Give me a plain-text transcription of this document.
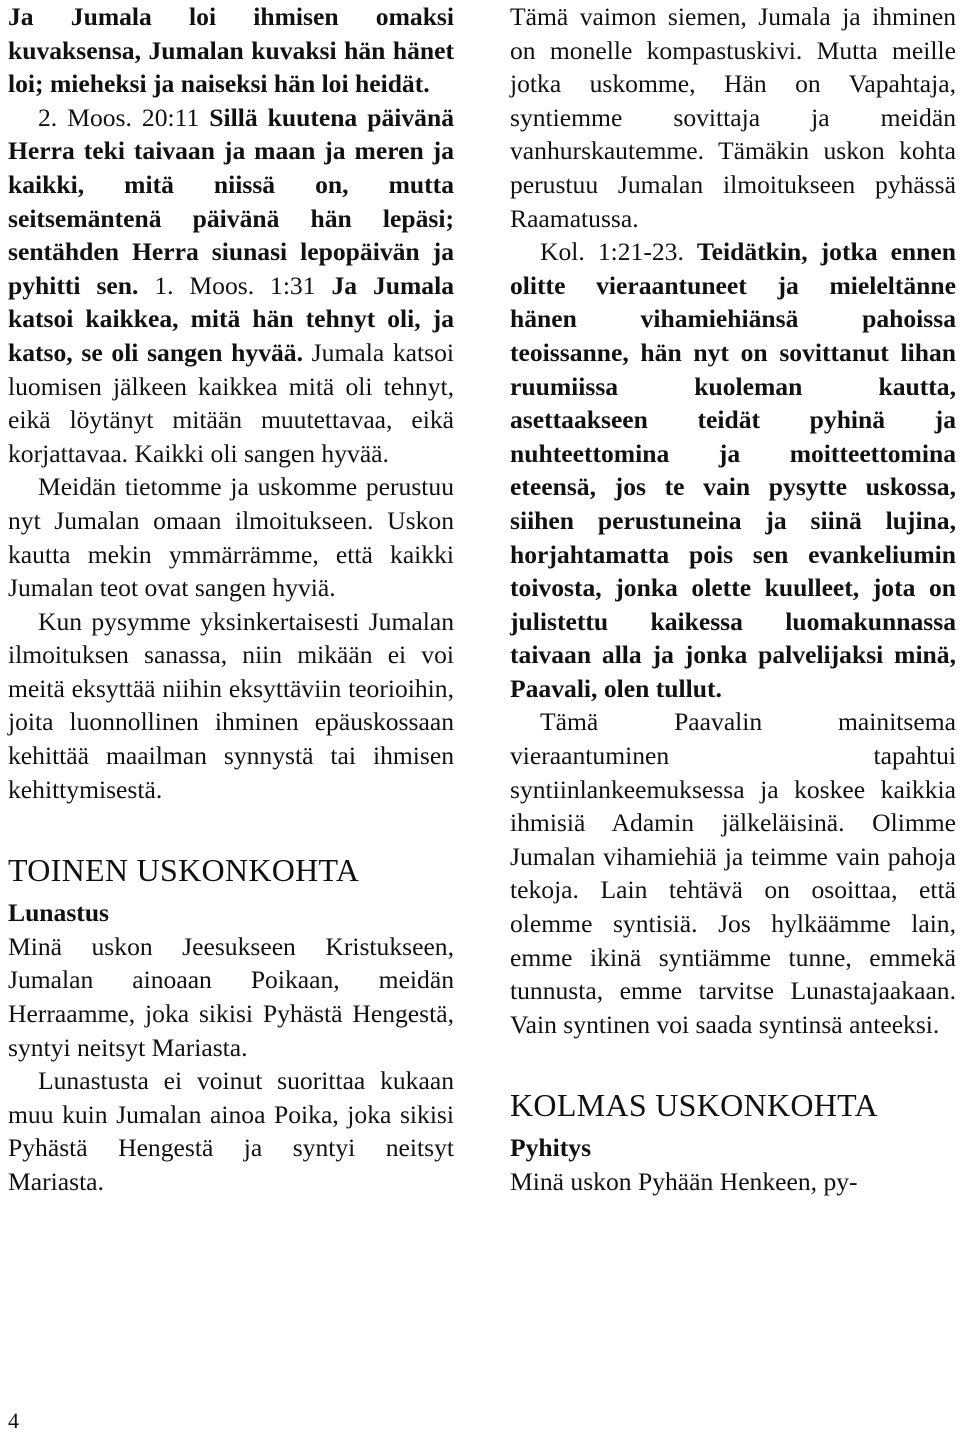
Ja Jumala loi ihmisen omaksi kuvaksensa, Jumalan kuvaksi hän hänet loi; mieheksi ja naiseksi hän loi heidät.

2. Moos. 20:11 Sillä kuutena päivänä Herra teki taivaan ja maan ja meren ja kaikki, mitä niissä on, mutta seitsemäntenä päivänä hän lepäsi; sentähden Herra siunasi lepopäivän ja pyhitti sen. 1. Moos. 1:31 Ja Jumala katsoi kaikkea, mitä hän tehnyt oli, ja katso, se oli sangen hyvää. Jumala katsoi luomisen jälkeen kaikkea mitä oli tehnyt, eikä löytänyt mitään muutettavaa, eikä korjattavaa. Kaikki oli sangen hyvää.

Meidän tietomme ja uskomme perustuu nyt Jumalan omaan ilmoitukseen. Uskon kautta mekin ymmärrämme, että kaikki Jumalan teot ovat sangen hyviä.

Kun pysymme yksinkertaisesti Jumalan ilmoituksen sanassa, niin mikään ei voi meitä eksyttää niihin eksyttäviin teorioihin, joita luonnollinen ihminen epäuskossaan kehittää maailman synnystä tai ihmisen kehittymisestä.

TOINEN USKONKOHTA
Lunastus

Minä uskon Jeesukseen Kristukseen, Jumalan ainoaan Poikaan, meidän Herraamme, joka sikisi Pyhästä Hengestä, syntyi neitsyt Mariasta.

Lunastusta ei voinut suorittaa kukaan muu kuin Jumalan ainoa Poika, joka sikisi Pyhästä Hengestä ja syntyi neitsyt Mariasta.

Tämä vaimon siemen, Jumala ja ihminen on monelle kompastuskivi. Mutta meille jotka uskomme, Hän on Vapahtaja, syntiemme sovittaja ja meidän vanhurskautemme. Tämäkin uskon kohta perustuu Jumalan ilmoitukseen pyhässä Raamatussa.

Kol. 1:21-23. Teidätkin, jotka ennen olitte vieraantuneet ja mieleltänne hänen vihamiehiänsä pahoissa teoissanne, hän nyt on sovittanut lihan ruumiissa kuoleman kautta, asettaakseen teidät pyhinä ja nuhteettomina ja moitteettomina eteensä, jos te vain pysytte uskossa, siihen perustuneina ja siinä lujina, horjahtamatta pois sen evankeliumin toivosta, jonka olette kuulleet, jota on julistettu kaikessa luomakunnassa taivaan alla ja jonka palvelijaksi minä, Paavali, olen tullut.

Tämä Paavalin mainitsema vieraantuminen tapahtui syntiinlankeemuksessa ja koskee kaikkia ihmisiä Adamin jälkeläisinä. Olimme Jumalan vihamiehiä ja teimme vain pahoja tekoja. Lain tehtävä on osoittaa, että olemme syntisiä. Jos hylkäämme lain, emme ikinä syntiämme tunne, emmekä tunnusta, emme tarvitse Lunastajaakaan. Vain syntinen voi saada syntinsä anteeksi.

KOLMAS USKONKOHTA
Pyhitys

Minä uskon Pyhään Henkeen, py-

4
